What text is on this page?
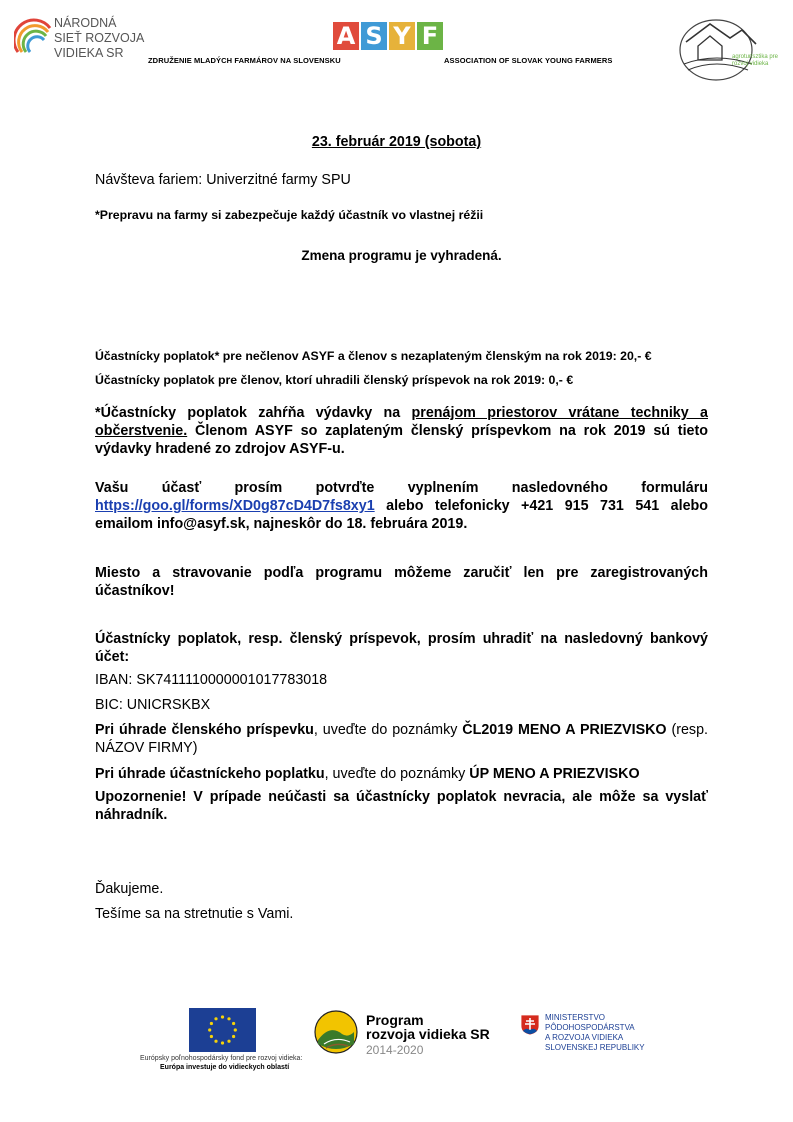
NÁRODNÁ
SIEŤ ROZVOJA
VIDIEKA SR
A S Y F
ZDRUŽENIE MLADÝCH FARMÁROV NA SLOVENSKU	ASSOCIATION OF SLOVAK YOUNG FARMERS	agroturisztika pre rozvoj vidieka

23. február 2019 (sobota)

Návšteva fariem: Univerzitné farmy SPU

*Prepravu na farmy si zabezpečuje každý účastník vo vlastnej réžii

Zmena programu je vyhradená.

Účastnícky poplatok* pre nečlenov ASYF a členov s nezaplateným členským na rok 2019: 20,- €

Účastnícky poplatok pre členov, ktorí uhradili členský príspevok na rok 2019: 0,- €

*Účastnícky poplatok zahŕňa výdavky na prenájom priestorov vrátane techniky a občerstvenie. Členom ASYF so zaplateným členský príspevkom na rok 2019 sú tieto výdavky hradené zo zdrojov ASYF-u.

Vašu účasť prosím potvrďte vyplnením nasledovného formuláru https://goo.gl/forms/XD0g87cD4D7fs8xy1 alebo telefonicky +421 915 731 541 alebo emailom info@asyf.sk, najneskôr do 18. februára 2019.

Miesto a stravovanie podľa programu môžeme zaručiť len pre zaregistrovaných účastníkov!

Účastnícky poplatok, resp. členský príspevok, prosím uhradiť na nasledovný bankový účet:

IBAN: SK7411110000001017783018

BIC: UNICRSKBX

Pri úhrade členského príspevku, uveďte do poznámky ČL2019 MENO A PRIEZVISKO (resp. NÁZOV FIRMY)

Pri úhrade účastníckeho poplatku, uveďte do poznámky ÚP MENO A PRIEZVISKO

Upozornenie! V prípade neúčasti sa účastnícky poplatok nevracia, ale môže sa vyslať náhradník.

Ďakujeme.

Tešíme sa na stretnutie s Vami.

Európsky poľnohospodársky fond pre rozvoj vidieka:
Európa investuje do vidieckych oblastí
Program
rozvoja vidieka SR
2014-2020
MINISTERSTVO
PÔDOHOSPODÁRSTVA
A ROZVOJA VIDIEKA
SLOVENSKEJ REPUBLIKY
